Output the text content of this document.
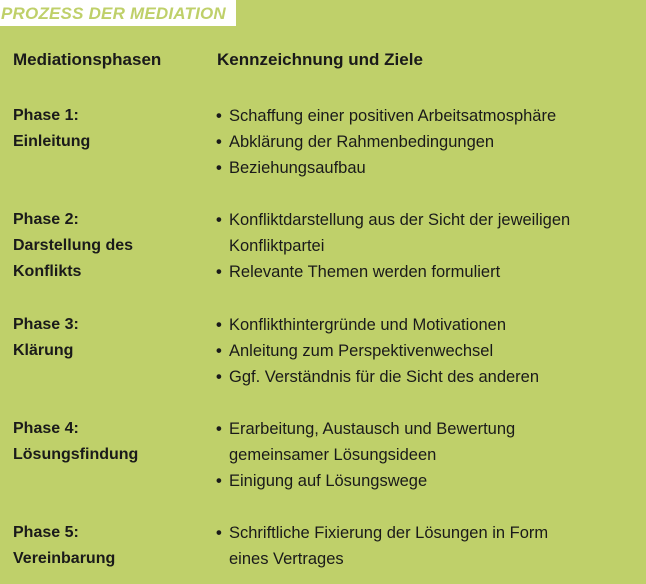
PROZESS DER MEDIATION
Mediationsphasen	Kennzeichnung und Ziele
Phase 1:
Einleitung
• Schaffung einer positiven Arbeitsatmosphäre
• Abklärung der Rahmenbedingungen
• Beziehungsaufbau
Phase 2:
Darstellung des
Konflikts
• Konfliktdarstellung aus der Sicht der jeweiligen
Konfliktpartei
• Relevante Themen werden formuliert
Phase 3:
Klärung
• Konflikthintergründe und Motivationen
• Anleitung zum Perspektivenwechsel
• Ggf. Verständnis für die Sicht des anderen
Phase 4:
Lösungsfindung
• Erarbeitung, Austausch und Bewertung
gemeinsamer Lösungsideen
• Einigung auf Lösungswege
Phase 5:
Vereinbarung
• Schriftliche Fixierung der Lösungen in Form
eines Vertrages
